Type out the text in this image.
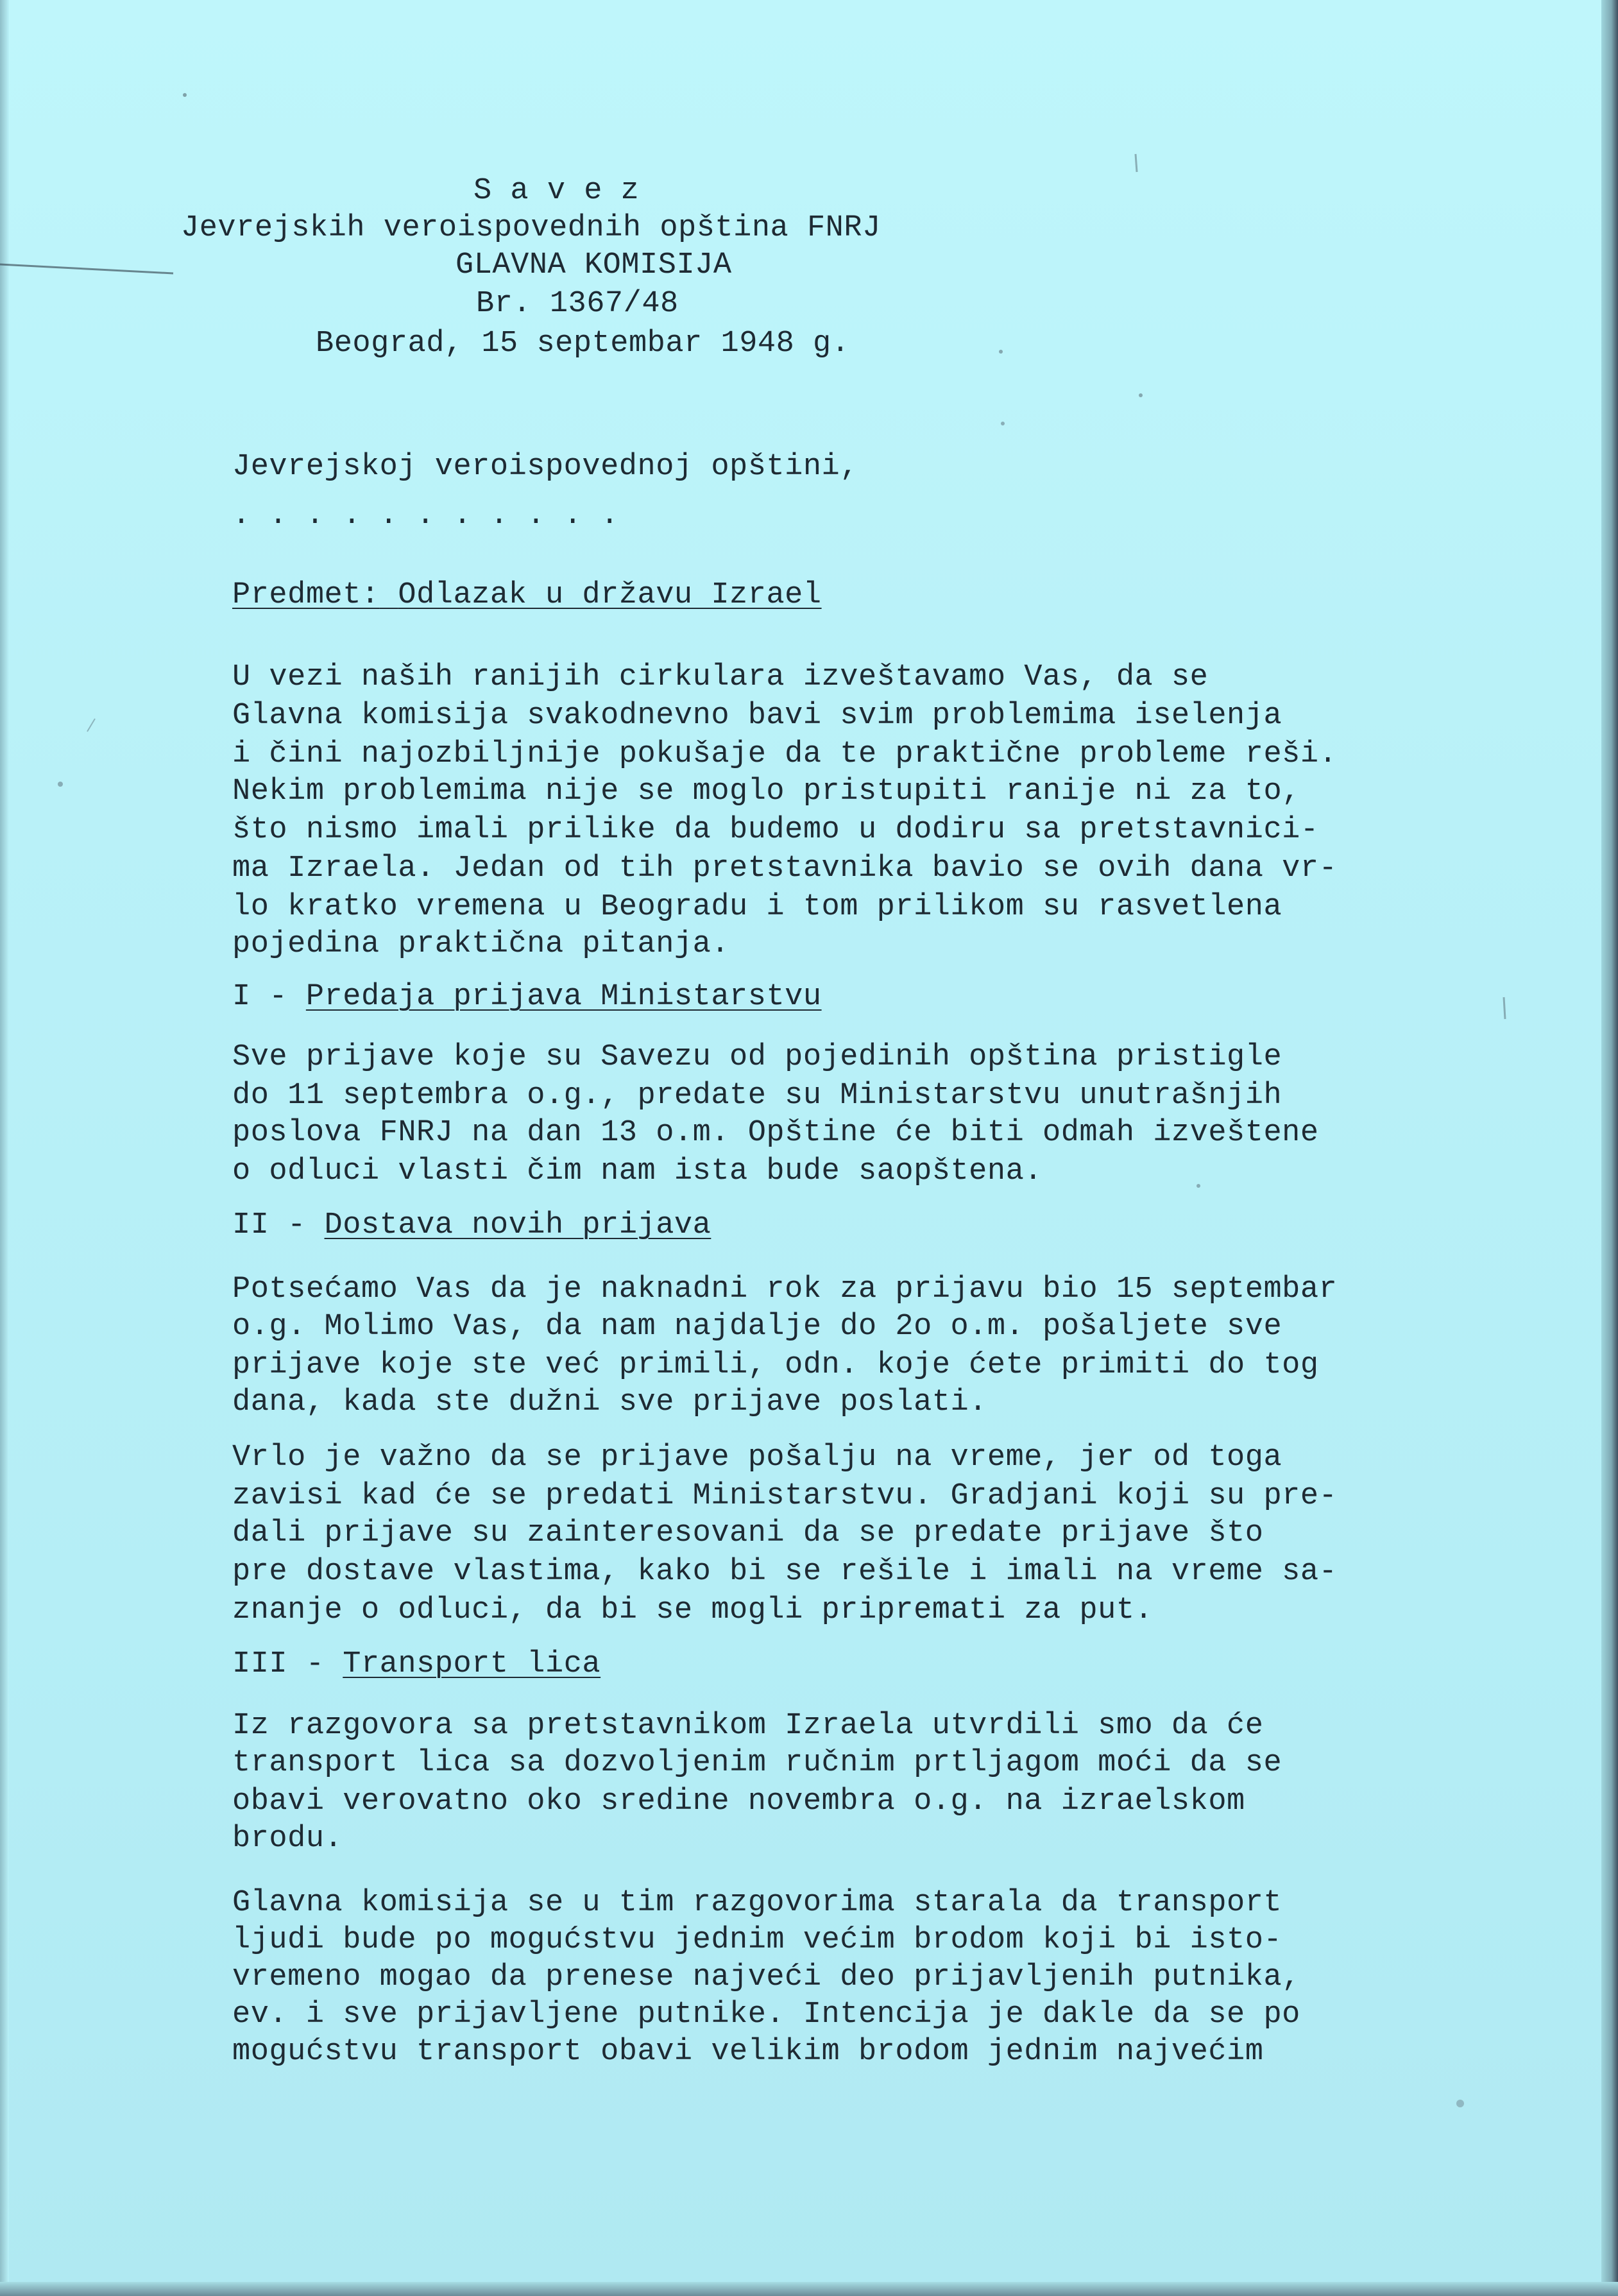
S a v e z

Jevrejskih veroispovednih opština FNRJ

GLAVNA KOMISIJA

Br. 1367/48

Beograd, 15 septembar 1948 g.

Jevrejskoj veroispovednoj opštini,

. . . . . . . . . . .

Predmet: Odlazak u državu Izrael

U vezi naših ranijih cirkulara izveštavamo Vas, da se

Glavna komisija svakodnevno bavi svim problemima iselenja

i čini najozbiljnije pokušaje da te praktične probleme reši.

Nekim problemima nije se moglo pristupiti ranije ni za to,

što nismo imali prilike da budemo u dodiru sa pretstavnici-

ma Izraela. Jedan od tih pretstavnika bavio se ovih dana vr-

lo kratko vremena u Beogradu i tom prilikom su rasvetlena

pojedina praktična pitanja.

I - Predaja prijava Ministarstvu

Sve prijave koje su Savezu od pojedinih opština pristigle

do 11 septembra o.g., predate su Ministarstvu unutrašnjih

poslova FNRJ na dan 13 o.m. Opštine će biti odmah izveštene

o odluci vlasti čim nam ista bude saopštena.

II - Dostava novih prijava

Potsećamo Vas da je naknadni rok za prijavu bio 15 septembar

o.g. Molimo Vas, da nam najdalje do 2o o.m. pošaljete sve

prijave koje ste već primili, odn. koje ćete primiti do tog

dana, kada ste dužni sve prijave poslati.

Vrlo je važno da se prijave pošalju na vreme, jer od toga

zavisi kad će se predati Ministarstvu. Gradjani koji su pre-

dali prijave su zainteresovani da se predate prijave što

pre dostave vlastima, kako bi se rešile i imali na vreme sa-

znanje o odluci, da bi se mogli pripremati za put.

III - Transport lica

Iz razgovora sa pretstavnikom Izraela utvrdili smo da će

transport lica sa dozvoljenim ručnim prtljagom moći da se

obavi verovatno oko sredine novembra o.g. na izraelskom

brodu.

Glavna komisija se u tim razgovorima starala da transport

ljudi bude po mogućstvu jednim većim brodom koji bi isto-

vremeno mogao da prenese najveći deo prijavljenih putnika,

ev. i sve prijavljene putnike. Intencija je dakle da se po

mogućstvu transport obavi velikim brodom jednim najvećim
